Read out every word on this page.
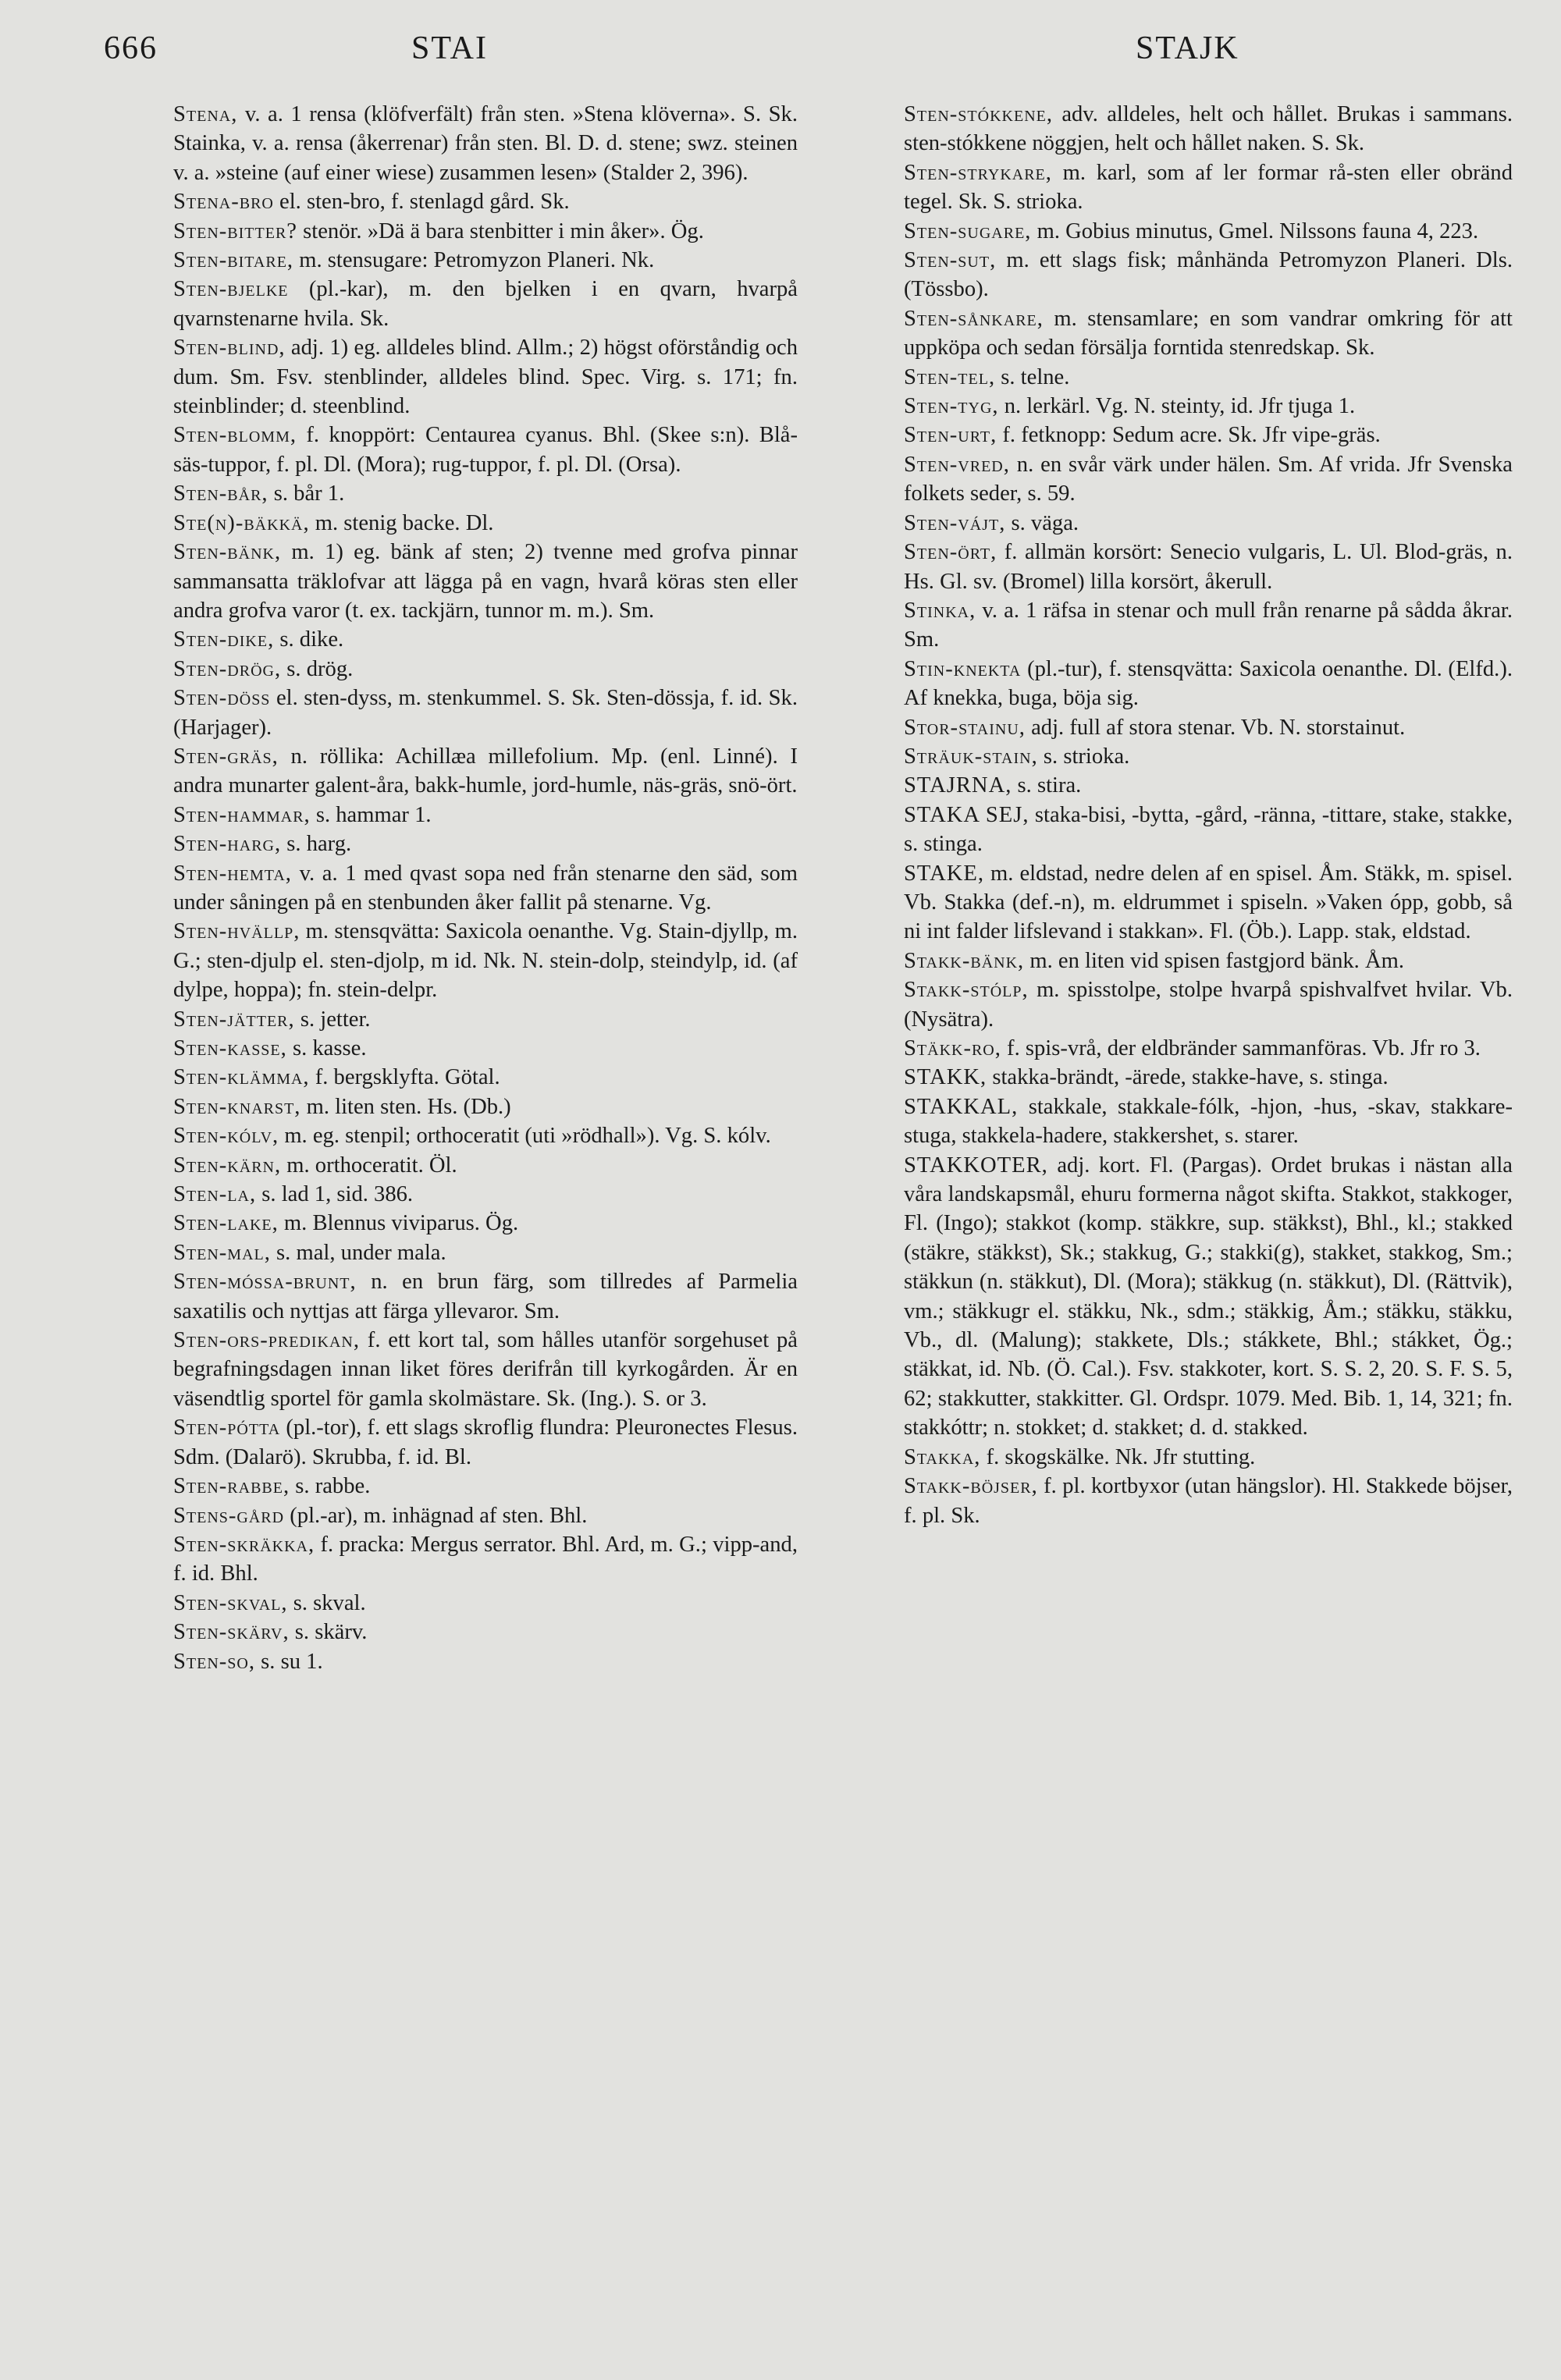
666	STAI	STAJK

Stena, v. a. 1 rensa (klöfverfält) från sten. »Stena klöverna». S. Sk. Stainka, v. a. rensa (åkerrenar) från sten. Bl. D. d. stene; swz. steinen v. a. »steine (auf einer wiese) zusammen lesen» (Stalder 2, 396).

Stena-bro el. sten-bro, f. stenlagd gård. Sk.

Sten-bitter? stenör. »Dä ä bara stenbitter i min åker». Ög.

Sten-bitare, m. stensugare: Petromyzon Planeri. Nk.

Sten-bjelke (pl.-kar), m. den bjelken i en qvarn, hvarpå qvarnstenarne hvila. Sk.

Sten-blind, adj. 1) eg. alldeles blind. Allm.; 2) högst oförståndig och dum. Sm. Fsv. stenblinder, alldeles blind. Spec. Virg. s. 171; fn. steinblinder; d. steenblind.

Sten-blomm, f. knoppört: Centaurea cyanus. Bhl. (Skee s:n). Blå-säs-tuppor, f. pl. Dl. (Mora); rug-tuppor, f. pl. Dl. (Orsa).

Sten-bår, s. bår 1.

Ste(n)-bäkkä, m. stenig backe. Dl.

Sten-bänk, m. 1) eg. bänk af sten; 2) tvenne med grofva pinnar sammansatta träklofvar att lägga på en vagn, hvarå köras sten eller andra grofva varor (t. ex. tackjärn, tunnor m. m.). Sm.

Sten-dike, s. dike.

Sten-drög, s. drög.

Sten-döss el. sten-dyss, m. stenkummel. S. Sk. Sten-dössja, f. id. Sk. (Harjager).

Sten-gräs, n. röllika: Achillæa millefolium. Mp. (enl. Linné). I andra munarter galent-åra, bakk-humle, jord-humle, näs-gräs, snö-ört.

Sten-hammar, s. hammar 1.

Sten-harg, s. harg.

Sten-hemta, v. a. 1 med qvast sopa ned från stenarne den säd, som under såningen på en stenbunden åker fallit på stenarne. Vg.

Sten-hvällp, m. stensqvätta: Saxicola oenanthe. Vg. Stain-djyllp, m. G.; sten-djulp el. sten-djolp, m id. Nk. N. stein-dolp, steindylp, id. (af dylpe, hoppa); fn. stein-delpr.

Sten-jätter, s. jetter.

Sten-kasse, s. kasse.

Sten-klämma, f. bergsklyfta. Götal.

Sten-knarst, m. liten sten. Hs. (Db.)

Sten-kólv, m. eg. stenpil; orthoceratit (uti »rödhall»). Vg. S. kólv.

Sten-kärn, m. orthoceratit. Öl.

Sten-la, s. lad 1, sid. 386.

Sten-lake, m. Blennus viviparus. Ög.

Sten-mal, s. mal, under mala.

Sten-móssa-brunt, n. en brun färg, som tillredes af Parmelia saxatilis och nyttjas att färga yllevaror. Sm.

Sten-ors-predikan, f. ett kort tal, som hålles utanför sorgehuset på begrafningsdagen innan liket föres derifrån till kyrkogården. Är en väsendtlig sportel för gamla skolmästare. Sk. (Ing.). S. or 3.

Sten-pótta (pl.-tor), f. ett slags skroflig flundra: Pleuronectes Flesus. Sdm. (Dalarö). Skrubba, f. id. Bl.

Sten-rabbe, s. rabbe.

Stens-gård (pl.-ar), m. inhägnad af sten. Bhl.

Sten-skräkka, f. pracka: Mergus serrator. Bhl. Ard, m. G.; vipp-and, f. id. Bhl.

Sten-skval, s. skval.

Sten-skärv, s. skärv.

Sten-so, s. su 1.

Sten-stókkene, adv. alldeles, helt och hållet. Brukas i sammans. sten-stókkene nöggjen, helt och hållet naken. S. Sk.

Sten-strykare, m. karl, som af ler formar rå-sten eller obränd tegel. Sk. S. strioka.

Sten-sugare, m. Gobius minutus, Gmel. Nilssons fauna 4, 223.

Sten-sut, m. ett slags fisk; månhända Petromyzon Planeri. Dls. (Tössbo).

Sten-sånkare, m. stensamlare; en som vandrar omkring för att uppköpa och sedan försälja forntida stenredskap. Sk.

Sten-tel, s. telne.

Sten-tyg, n. lerkärl. Vg. N. steinty, id. Jfr tjuga 1.

Sten-urt, f. fetknopp: Sedum acre. Sk. Jfr vipe-gräs.

Sten-vred, n. en svår värk under hälen. Sm. Af vrida. Jfr Svenska folkets seder, s. 59.

Sten-vájt, s. väga.

Sten-ört, f. allmän korsört: Senecio vulgaris, L. Ul. Blod-gräs, n. Hs. Gl. sv. (Bromel) lilla korsört, åkerull.

Stinka, v. a. 1 räfsa in stenar och mull från renarne på sådda åkrar. Sm.

Stin-knekta (pl.-tur), f. stensqvätta: Saxicola oenanthe. Dl. (Elfd.). Af knekka, buga, böja sig.

Stor-stainu, adj. full af stora stenar. Vb. N. storstainut.

Sträuk-stain, s. strioka.

STAJRNA, s. stira.

STAKA SEJ, staka-bisi, -bytta, -gård, -ränna, -tittare, stake, stakke, s. stinga.

STAKE, m. eldstad, nedre delen af en spisel. Åm. Stäkk, m. spisel. Vb. Stakka (def.-n), m. eldrummet i spiseln. »Vaken ópp, gobb, så ni int falder lifslevand i stakkan». Fl. (Öb.). Lapp. stak, eldstad.

Stakk-bänk, m. en liten vid spisen fastgjord bänk. Åm.

Stakk-stólp, m. spisstolpe, stolpe hvarpå spishvalfvet hvilar. Vb. (Nysätra).

Stäkk-ro, f. spis-vrå, der eldbränder sammanföras. Vb. Jfr ro 3.

STAKK, stakka-brändt, -ärede, stakke-have, s. stinga.

STAKKAL, stakkale, stakkale-fólk, -hjon, -hus, -skav, stakkare-stuga, stakkela-hadere, stakkershet, s. starer.

STAKKOTER, adj. kort. Fl. (Pargas). Ordet brukas i nästan alla våra landskapsmål, ehuru formerna något skifta. Stakkot, stakkoger, Fl. (Ingo); stakkot (komp. stäkkre, sup. stäkkst), Bhl., kl.; stakked (stäkre, stäkkst), Sk.; stakkug, G.; stakki(g), stakket, stakkog, Sm.; stäkkun (n. stäkkut), Dl. (Mora); stäkkug (n. stäkkut), Dl. (Rättvik), vm.; stäkkugr el. stäkku, Nk., sdm.; stäkkig, Åm.; stäkku, stäkku, Vb., dl. (Malung); stakkete, Dls.; stákkete, Bhl.; stákket, Ög.; stäkkat, id. Nb. (Ö. Cal.). Fsv. stakkoter, kort. S. S. 2, 20. S. F. S. 5, 62; stakkutter, stakkitter. Gl. Ordspr. 1079. Med. Bib. 1, 14, 321; fn. stakkóttr; n. stokket; d. stakket; d. d. stakked.

Stakka, f. skogskälke. Nk. Jfr stutting.

Stakk-böjser, f. pl. kortbyxor (utan hängslor). Hl. Stakkede böjser, f. pl. Sk.
